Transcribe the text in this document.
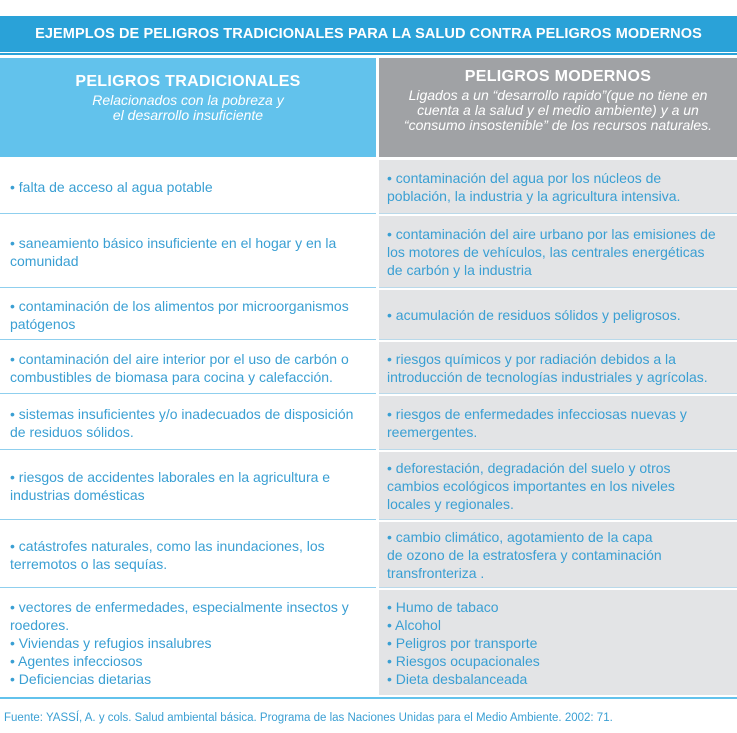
EJEMPLOS DE PELIGROS TRADICIONALES PARA LA SALUD CONTRA PELIGROS MODERNOS
PELIGROS TRADICIONALES
Relacionados con la pobreza y
el desarrollo insuficiente
PELIGROS MODERNOS
Ligados a un “desarrollo rapido”(que no tiene en
cuenta a la salud y el medio ambiente) y a un
“consumo insostenible” de los recursos naturales.
• falta de acceso al agua potable
• contaminación del agua por los núcleos de
población, la industria y la agricultura intensiva.
• saneamiento básico insuficiente en el hogar y en la
comunidad
• contaminación del aire urbano por las emisiones de
los motores de vehículos, las centrales energéticas
de carbón y la industria
• contaminación de los alimentos por microorganismos
patógenos
• acumulación de residuos sólidos y peligrosos.
• contaminación del aire interior por el uso de carbón o
combustibles de biomasa para cocina y calefacción.
• riesgos químicos y por radiación debidos a la
introducción de tecnologías industriales y agrícolas.
• sistemas insuficientes y/o inadecuados de disposición
de residuos sólidos.
• riesgos de enfermedades infecciosas nuevas y
reemergentes.
• riesgos de accidentes laborales en la agricultura e
industrias domésticas
• deforestación, degradación del suelo y otros
cambios ecológicos importantes en los niveles
locales y regionales.
• catástrofes naturales, como las inundaciones, los
terremotos o las sequías.
• cambio climático, agotamiento de la capa
de ozono de la estratosfera y contaminación
transfronteriza .
• vectores de enfermedades, especialmente insectos y
roedores.
• Viviendas y refugios insalubres
• Agentes infecciosos
• Deficiencias dietarias
• Humo de tabaco
• Alcohol
• Peligros por transporte
• Riesgos ocupacionales
• Dieta desbalanceada
Fuente: YASSÍ, A. y cols. Salud ambiental básica. Programa de las Naciones Unidas para el Medio Ambiente. 2002: 71.
